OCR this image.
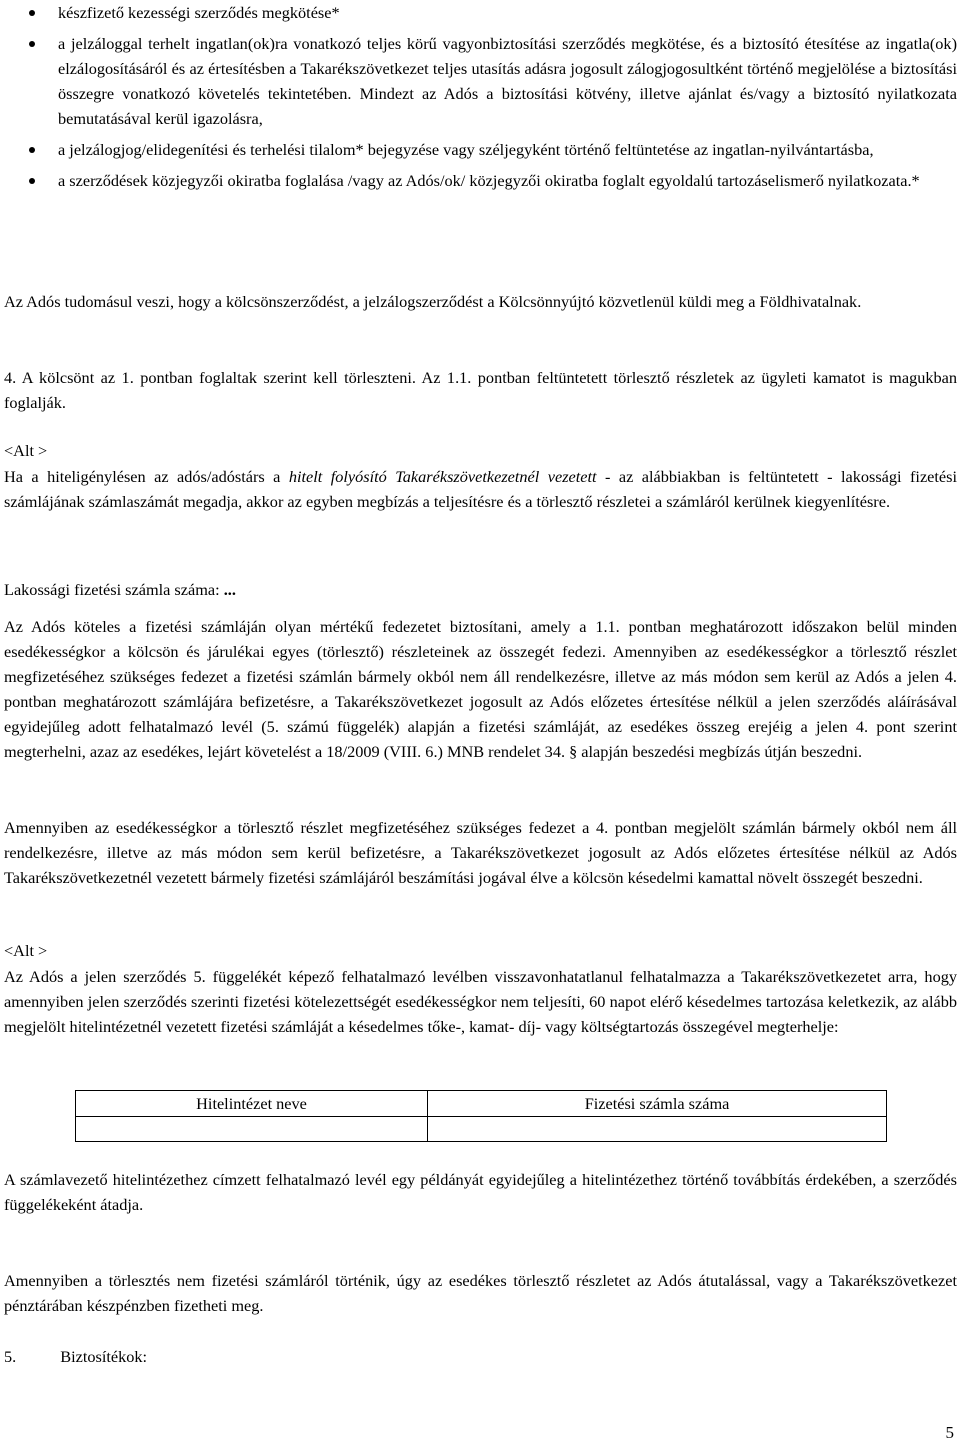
készfizető kezességi szerződés megkötése*
a jelzáloggal terhelt ingatlan(ok)ra vonatkozó teljes körű vagyonbiztosítási szerződés megkötése, és a biztosító étesítése az ingatla(ok) elzálogosításáról és az értesítésben a Takarékszövetkezet teljes utasítás adásra jogosult zálogjogosultként történő megjelölése a biztosítási összegre vonatkozó követelés tekintetében. Mindezt az Adós a biztosítási kötvény, illetve ajánlat és/vagy a biztosító nyilatkozata bemutatásával kerül igazolásra,
a jelzálogjog/elidegenítési és terhelési tilalom* bejegyzése vagy széljegyként történő feltüntetése az ingatlan-nyilvántartásba,
a szerződések közjegyzői okiratba foglalása /vagy az Adós/ok/ közjegyzői okiratba foglalt egyoldalú tartozáselismerő nyilatkozata.*

Az Adós tudomásul veszi, hogy a kölcsönszerződést, a jelzálogszerződést a Kölcsönnyújtó közvetlenül küldi meg a Földhivatalnak.

4. A kölcsönt az 1. pontban foglaltak szerint kell törleszteni. Az 1.1. pontban feltüntetett törlesztő részletek az ügyleti kamatot is magukban foglalják.

<Alt >

Ha a hiteligénylésen az adós/adóstárs a hitelt folyósító Takarékszövetkezetnél vezetett - az alábbiakban is feltüntetett - lakossági fizetési számlájának számlaszámát megadja, akkor az egyben megbízás a teljesítésre és a törlesztő részletei a számláról kerülnek kiegyenlítésre.

Lakossági fizetési számla száma: ...

Az Adós köteles a fizetési számláján olyan mértékű fedezetet biztosítani, amely a 1.1. pontban meghatározott időszakon belül minden esedékességkor a kölcsön és járulékai egyes (törlesztő) részleteinek az összegét fedezi. Amennyiben az esedékességkor a törlesztő részlet megfizetéséhez szükséges fedezet a fizetési számlán bármely okból nem áll rendelkezésre, illetve az más módon sem kerül az Adós a jelen 4. pontban meghatározott számlájára befizetésre, a Takarékszövetkezet jogosult az Adós előzetes értesítése nélkül a jelen szerződés aláírásával egyidejűleg adott felhatalmazó levél (5. számú függelék) alapján a fizetési számláját, az esedékes összeg erejéig a jelen 4. pont szerint megterhelni, azaz az esedékes, lejárt követelést a 18/2009 (VIII. 6.) MNB rendelet 34. § alapján beszedési megbízás útján beszedni.

Amennyiben az esedékességkor a törlesztő részlet megfizetéséhez szükséges fedezet a 4. pontban megjelölt számlán bármely okból nem áll rendelkezésre, illetve az más módon sem kerül befizetésre, a Takarékszövetkezet jogosult az Adós előzetes értesítése nélkül az Adós Takarékszövetkezetnél vezetett bármely fizetési számlájáról beszámítási jogával élve a kölcsön késedelmi kamattal növelt összegét beszedni.

<Alt >

Az Adós a jelen szerződés 5. függelékét képező felhatalmazó levélben visszavonhatatlanul felhatalmazza a Takarékszövetkezetet arra, hogy amennyiben jelen szerződés szerinti fizetési kötelezettségét esedékességkor nem teljesíti, 60 napot elérő késedelmes tartozása keletkezik, az alább megjelölt hitelintézetnél vezetett fizetési számláját a késedelmes tőke-, kamat- díj- vagy költségtartozás összegével megterhelje:

Hitelintézet neve	Fizetési számla száma

A számlavezető hitelintézethez címzett felhatalmazó levél egy példányát egyidejűleg a hitelintézethez történő továbbítás érdekében, a szerződés függelékeként átadja.

Amennyiben a törlesztés nem fizetési számláról történik, úgy az esedékes törlesztő részletet az Adós átutalással, vagy a Takarékszövetkezet pénztárában készpénzben fizetheti meg.

5.	Biztosítékok:

5
